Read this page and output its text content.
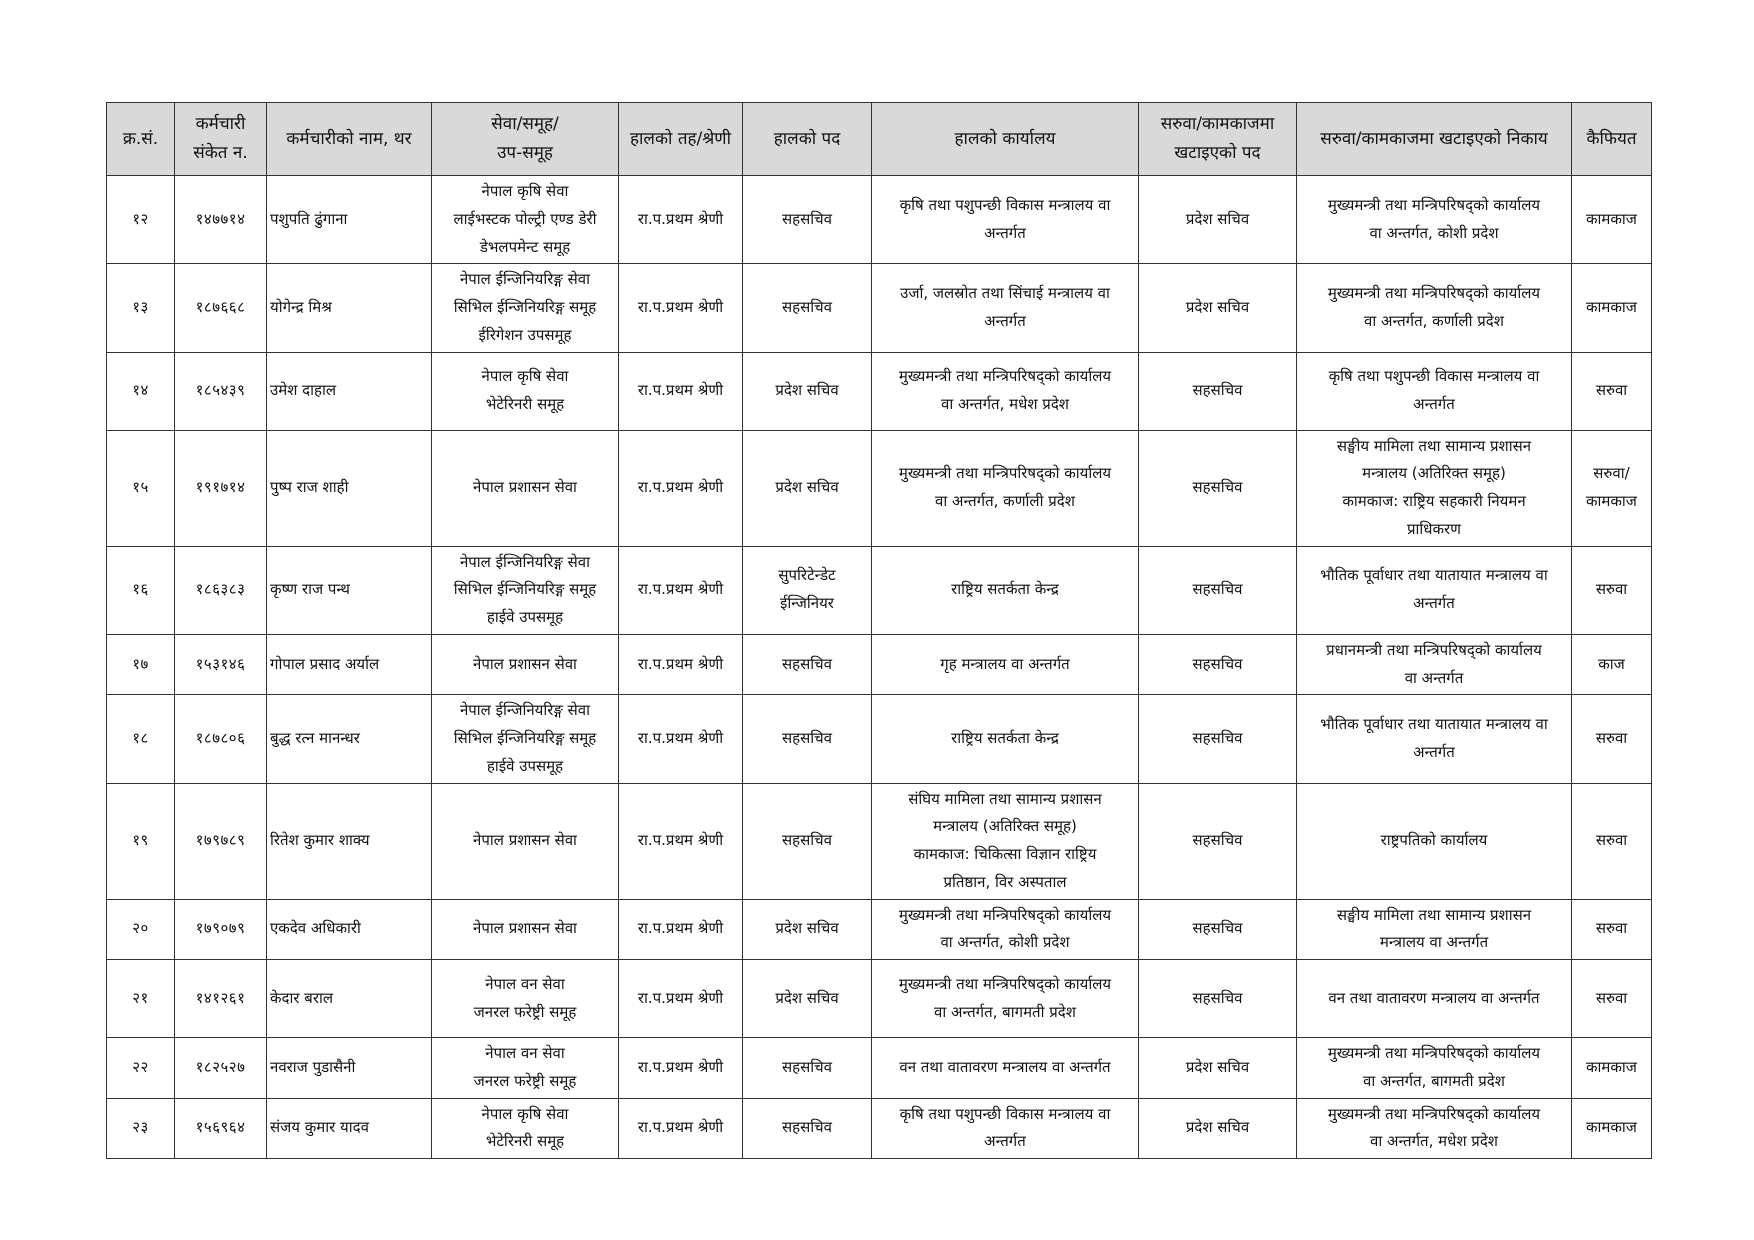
क्र.सं.	कर्मचारी
संकेत न.	कर्मचारीको नाम, थर	सेवा/समूह/
उप-समूह	हालको तह/श्रेणी	हालको पद	हालको कार्यालय	सरुवा/कामकाजमा
खटाइएको पद	सरुवा/कामकाजमा खटाइएको निकाय	कैफियत

१२	१४७७१४	पशुपति ढुंगाना	नेपाल कृषि सेवा
लाईभस्टक पोल्ट्री एण्ड डेरी
डेभलपमेन्ट समूह	रा.प.प्रथम श्रेणी	सहसचिव	कृषि तथा पशुपन्छी विकास मन्त्रालय वा
अन्तर्गत	प्रदेश सचिव	मुख्यमन्त्री तथा मन्त्रिपरिषद्को कार्यालय
वा अन्तर्गत, कोशी प्रदेश	कामकाज

१३	१८७६६८	योगेन्द्र मिश्र	नेपाल ईन्जिनियरिङ्ग सेवा
सिभिल ईन्जिनियरिङ्ग समूह
ईरिगेशन उपसमूह	रा.प.प्रथम श्रेणी	सहसचिव	उर्जा, जलस्रोत तथा सिंचाई मन्त्रालय वा
अन्तर्गत	प्रदेश सचिव	मुख्यमन्त्री तथा मन्त्रिपरिषद्को कार्यालय
वा अन्तर्गत, कर्णाली प्रदेश	कामकाज

१४	१८५४३९	उमेश दाहाल	नेपाल कृषि सेवा
भेटेरिनरी समूह	रा.प.प्रथम श्रेणी	प्रदेश सचिव	मुख्यमन्त्री तथा मन्त्रिपरिषद्को कार्यालय
वा अन्तर्गत, मधेश प्रदेश	सहसचिव	कृषि तथा पशुपन्छी विकास मन्त्रालय वा
अन्तर्गत	सरुवा

१५	१९१७१४	पुष्प राज शाही	नेपाल प्रशासन सेवा	रा.प.प्रथम श्रेणी	प्रदेश सचिव	मुख्यमन्त्री तथा मन्त्रिपरिषद्को कार्यालय
वा अन्तर्गत, कर्णाली प्रदेश	सहसचिव	सङ्घीय मामिला तथा सामान्य प्रशासन
मन्त्रालय (अतिरिक्त समूह)
कामकाज: राष्ट्रिय सहकारी नियमन
प्राधिकरण	सरुवा/
कामकाज

१६	१८६३८३	कृष्ण राज पन्थ	नेपाल ईन्जिनियरिङ्ग सेवा
सिभिल ईन्जिनियरिङ्ग समूह
हाईवे उपसमूह	रा.प.प्रथम श्रेणी	सुपरिटेन्डेट
ईन्जिनियर	राष्ट्रिय सतर्कता केन्द्र	सहसचिव	भौतिक पूर्वाधार तथा यातायात मन्त्रालय वा
अन्तर्गत	सरुवा

१७	१५३१४६	गोपाल प्रसाद अर्याल	नेपाल प्रशासन सेवा	रा.प.प्रथम श्रेणी	सहसचिव	गृह मन्त्रालय वा अन्तर्गत	सहसचिव	प्रधानमन्त्री तथा मन्त्रिपरिषद्को कार्यालय
वा अन्तर्गत	काज

१८	१८७८०६	बुद्ध रत्न मानन्धर	नेपाल ईन्जिनियरिङ्ग सेवा
सिभिल ईन्जिनियरिङ्ग समूह
हाईवे उपसमूह	रा.प.प्रथम श्रेणी	सहसचिव	राष्ट्रिय सतर्कता केन्द्र	सहसचिव	भौतिक पूर्वाधार तथा यातायात मन्त्रालय वा
अन्तर्गत	सरुवा

१९	१७९७८९	रितेश कुमार शाक्य	नेपाल प्रशासन सेवा	रा.प.प्रथम श्रेणी	सहसचिव	संघिय मामिला तथा सामान्य प्रशासन
मन्त्रालय (अतिरिक्त समूह)
कामकाज: चिकित्सा विज्ञान राष्ट्रिय
प्रतिष्ठान, विर अस्पताल	सहसचिव	राष्ट्रपतिको कार्यालय	सरुवा

२०	१७९०७९	एकदेव अधिकारी	नेपाल प्रशासन सेवा	रा.प.प्रथम श्रेणी	प्रदेश सचिव	मुख्यमन्त्री तथा मन्त्रिपरिषद्को कार्यालय
वा अन्तर्गत, कोशी प्रदेश	सहसचिव	सङ्घीय मामिला तथा सामान्य प्रशासन
मन्त्रालय वा अन्तर्गत	सरुवा

२१	१४१२६१	केदार बराल	नेपाल वन सेवा
जनरल फरेष्ट्री समूह	रा.प.प्रथम श्रेणी	प्रदेश सचिव	मुख्यमन्त्री तथा मन्त्रिपरिषद्को कार्यालय
वा अन्तर्गत, बागमती प्रदेश	सहसचिव	वन तथा वातावरण मन्त्रालय वा अन्तर्गत	सरुवा

२२	१८२५२७	नवराज पुडासैनी	नेपाल वन सेवा
जनरल फरेष्ट्री समूह	रा.प.प्रथम श्रेणी	सहसचिव	वन तथा वातावरण मन्त्रालय वा अन्तर्गत	प्रदेश सचिव	मुख्यमन्त्री तथा मन्त्रिपरिषद्को कार्यालय
वा अन्तर्गत, बागमती प्रदेश	कामकाज

२३	१५६९६४	संजय कुमार यादव	नेपाल कृषि सेवा
भेटेरिनरी समूह	रा.प.प्रथम श्रेणी	सहसचिव	कृषि तथा पशुपन्छी विकास मन्त्रालय वा
अन्तर्गत	प्रदेश सचिव	मुख्यमन्त्री तथा मन्त्रिपरिषद्को कार्यालय
वा अन्तर्गत, मधेश प्रदेश	कामकाज
